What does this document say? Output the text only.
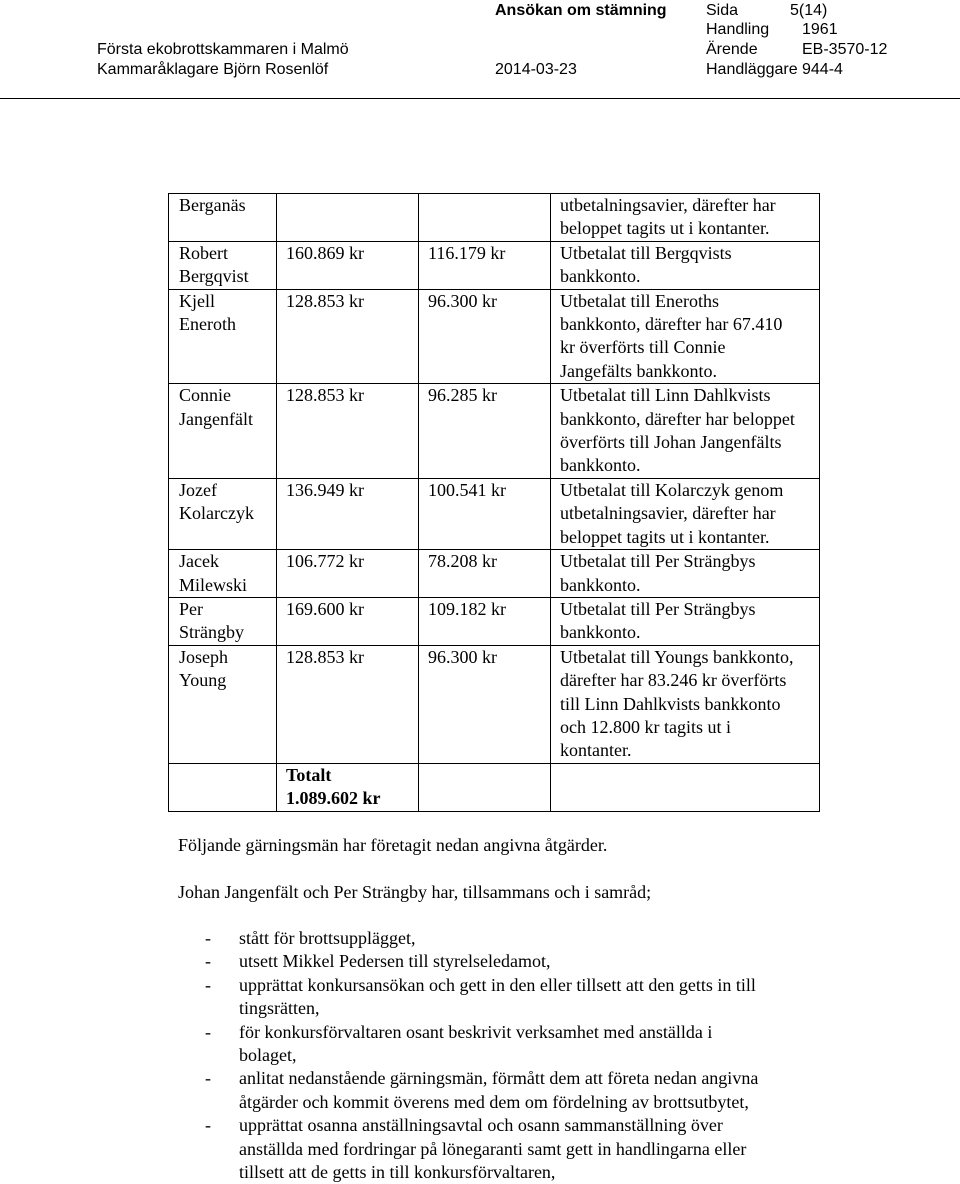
Ansökan om stämning
Första ekobrottskammaren i Malmö
Kammaråklagare Björn Rosenlöf	2014-03-23
Sida
Handling
Ärende
Handläggare
5(14)
1961
EB-3570-12
944-4
Berganäs			utbetalningsavier, därefter har
beloppet tagits ut i kontanter.
Robert
Bergqvist	160.869 kr	116.179 kr	Utbetalat till Bergqvists
bankkonto.
Kjell
Eneroth	128.853 kr	96.300 kr	Utbetalat till Eneroths
bankkonto, därefter har 67.410
kr överförts till Connie
Jangefälts bankkonto.
Connie
Jangenfält	128.853 kr	96.285 kr	Utbetalat till Linn Dahlkvists
bankkonto, därefter har beloppet
överförts till Johan Jangenfälts
bankkonto.
Jozef
Kolarczyk	136.949 kr	100.541 kr	Utbetalat till Kolarczyk genom
utbetalningsavier, därefter har
beloppet tagits ut i kontanter.
Jacek
Milewski	106.772 kr	78.208 kr	Utbetalat till Per Strängbys
bankkonto.
Per
Strängby	169.600 kr	109.182 kr	Utbetalat till Per Strängbys
bankkonto.
Joseph
Young	128.853 kr	96.300 kr	Utbetalat till Youngs bankkonto,
därefter har 83.246 kr överförts
till Linn Dahlkvists bankkonto
och 12.800 kr tagits ut i
kontanter.
	Totalt
1.089.602 kr		
Följande gärningsmän har företagit nedan angivna åtgärder.
Johan Jangenfält och Per Strängby har, tillsammans och i samråd;
- stått för brottsupplägget,
- utsett Mikkel Pedersen till styrelseledamot,
- upprättat konkursansökan och gett in den eller tillsett att den getts in till
tingsrätten,
- för konkursförvaltaren osant beskrivit verksamhet med anställda i
bolaget,
- anlitat nedanstående gärningsmän, förmått dem att företa nedan angivna
åtgärder och kommit överens med dem om fördelning av brottsutbytet,
- upprättat osanna anställningsavtal och osann sammanställning över
anställda med fordringar på lönegaranti samt gett in handlingarna eller
tillsett att de getts in till konkursförvaltaren,
